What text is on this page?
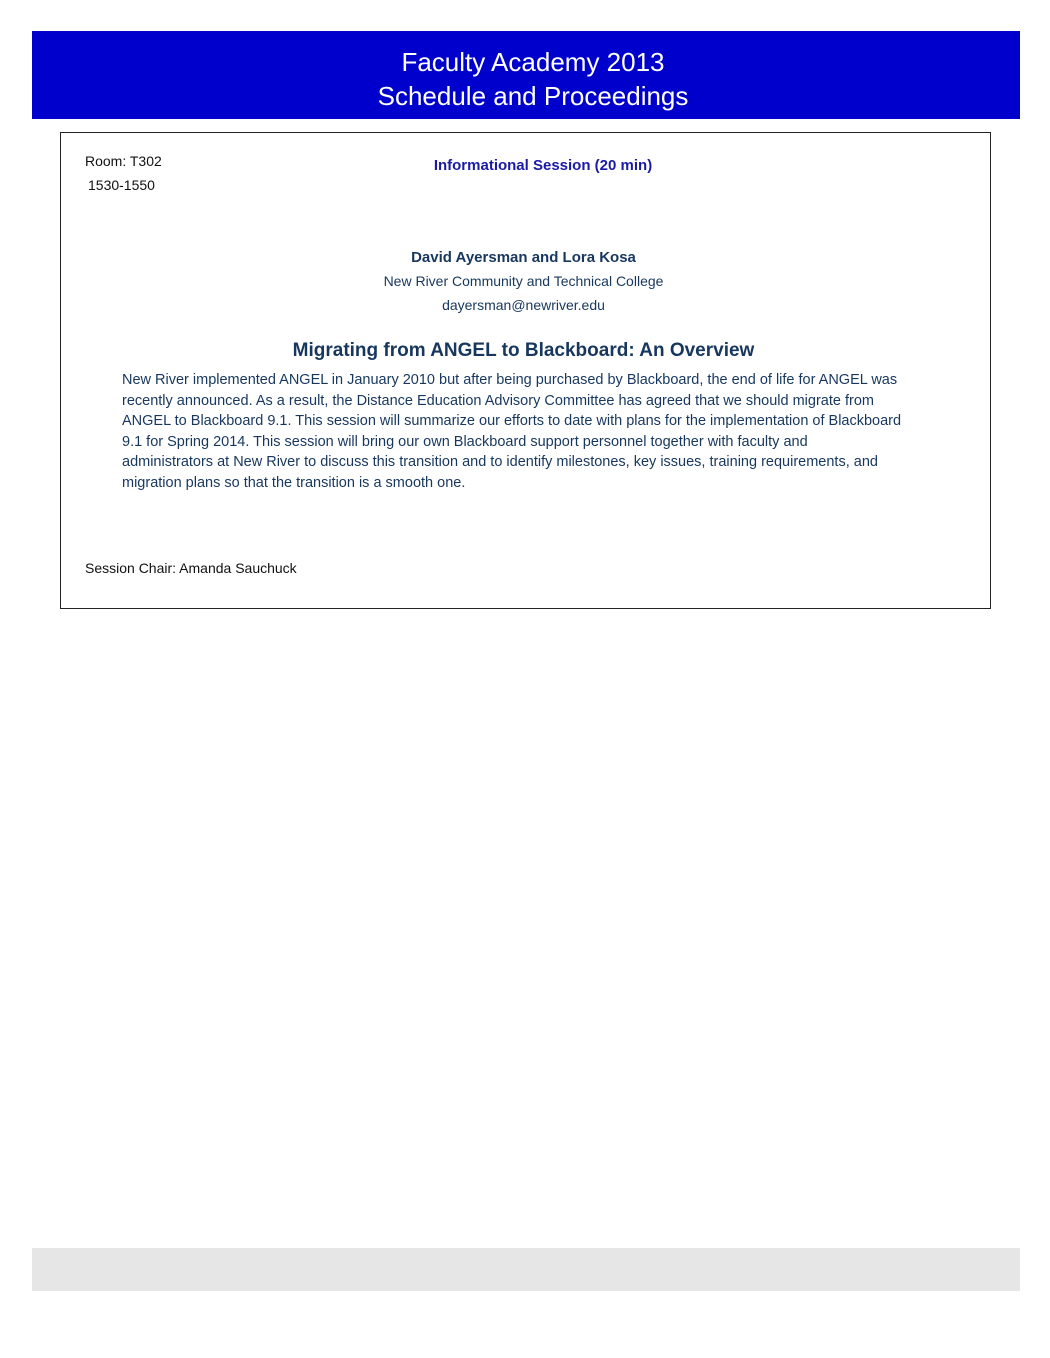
Faculty Academy 2013
Schedule and Proceedings
Room: T302
1530-1550
Informational Session (20 min)
David Ayersman and Lora Kosa
New River Community and Technical College
dayersman@newriver.edu
Migrating from ANGEL to Blackboard: An Overview

New River implemented ANGEL in January 2010 but after being purchased by Blackboard, the end of life for ANGEL was recently announced. As a result, the Distance Education Advisory Committee has agreed that we should migrate from ANGEL to Blackboard 9.1. This session will summarize our efforts to date with plans for the implementation of Blackboard 9.1 for Spring 2014. This session will bring our own Blackboard support personnel together with faculty and administrators at New River to discuss this transition and to identify milestones, key issues, training requirements, and migration plans so that the transition is a smooth one.

Session Chair: Amanda Sauchuck
